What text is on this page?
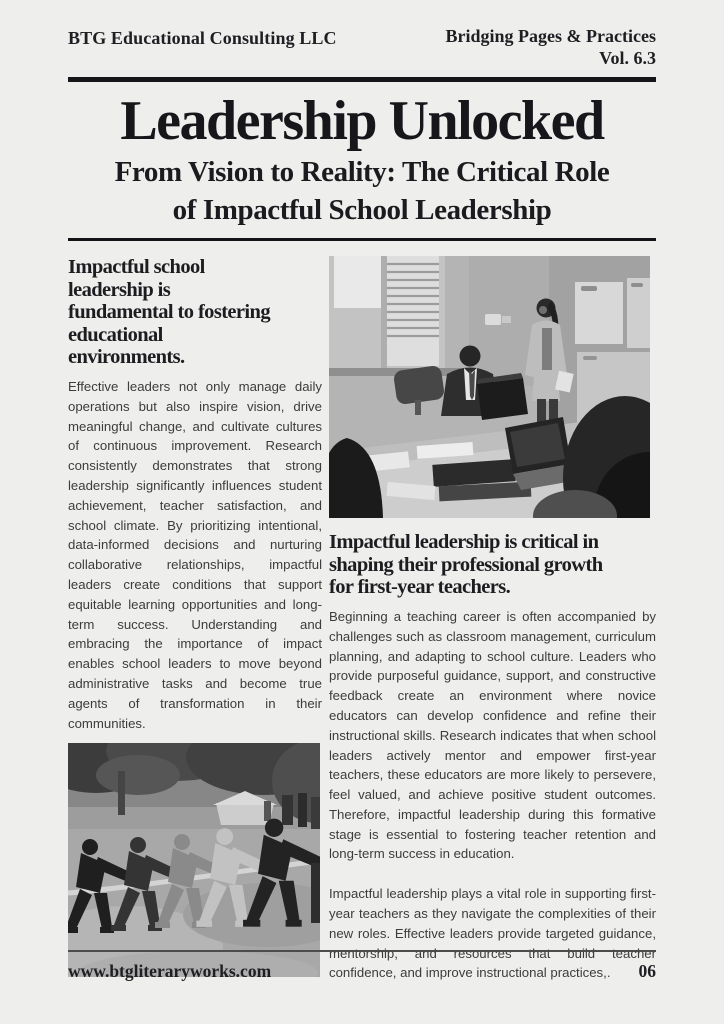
BTG Educational Consulting LLC	Bridging Pages & Practices
Vol. 6.3
Leadership Unlocked
From Vision to Reality: The Critical Role
of Impactful School Leadership
Impactful school
leadership is
fundamental to fostering
educational
environments.

Effective leaders not only manage daily operations but also inspire vision, drive meaningful change, and cultivate cultures of continuous improvement. Research consistently demonstrates that strong leadership significantly influences student achievement, teacher satisfaction, and school climate. By prioritizing intentional, data-informed decisions and nurturing collaborative relationships, impactful leaders create conditions that support equitable learning opportunities and long-term success. Understanding and embracing the importance of impact enables school leaders to move beyond administrative tasks and become true agents of transformation in their communities.

Impactful leadership is critical in
shaping their professional growth
for first-year teachers.

Beginning a teaching career is often accompanied by challenges such as classroom management, curriculum planning, and adapting to school culture. Leaders who provide purposeful guidance, support, and constructive feedback create an environment where novice educators can develop confidence and refine their instructional skills. Research indicates that when school leaders actively mentor and empower first-year teachers, these educators are more likely to persevere, feel valued, and achieve positive student outcomes. Therefore, impactful leadership during this formative stage is essential to fostering teacher retention and long-term success in education.

Impactful leadership plays a vital role in supporting first-year teachers as they navigate the complexities of their new roles. Effective leaders provide targeted guidance, mentorship, and resources that build teacher confidence, and improve instructional practices,.

www.btgliteraryworks.com	06
